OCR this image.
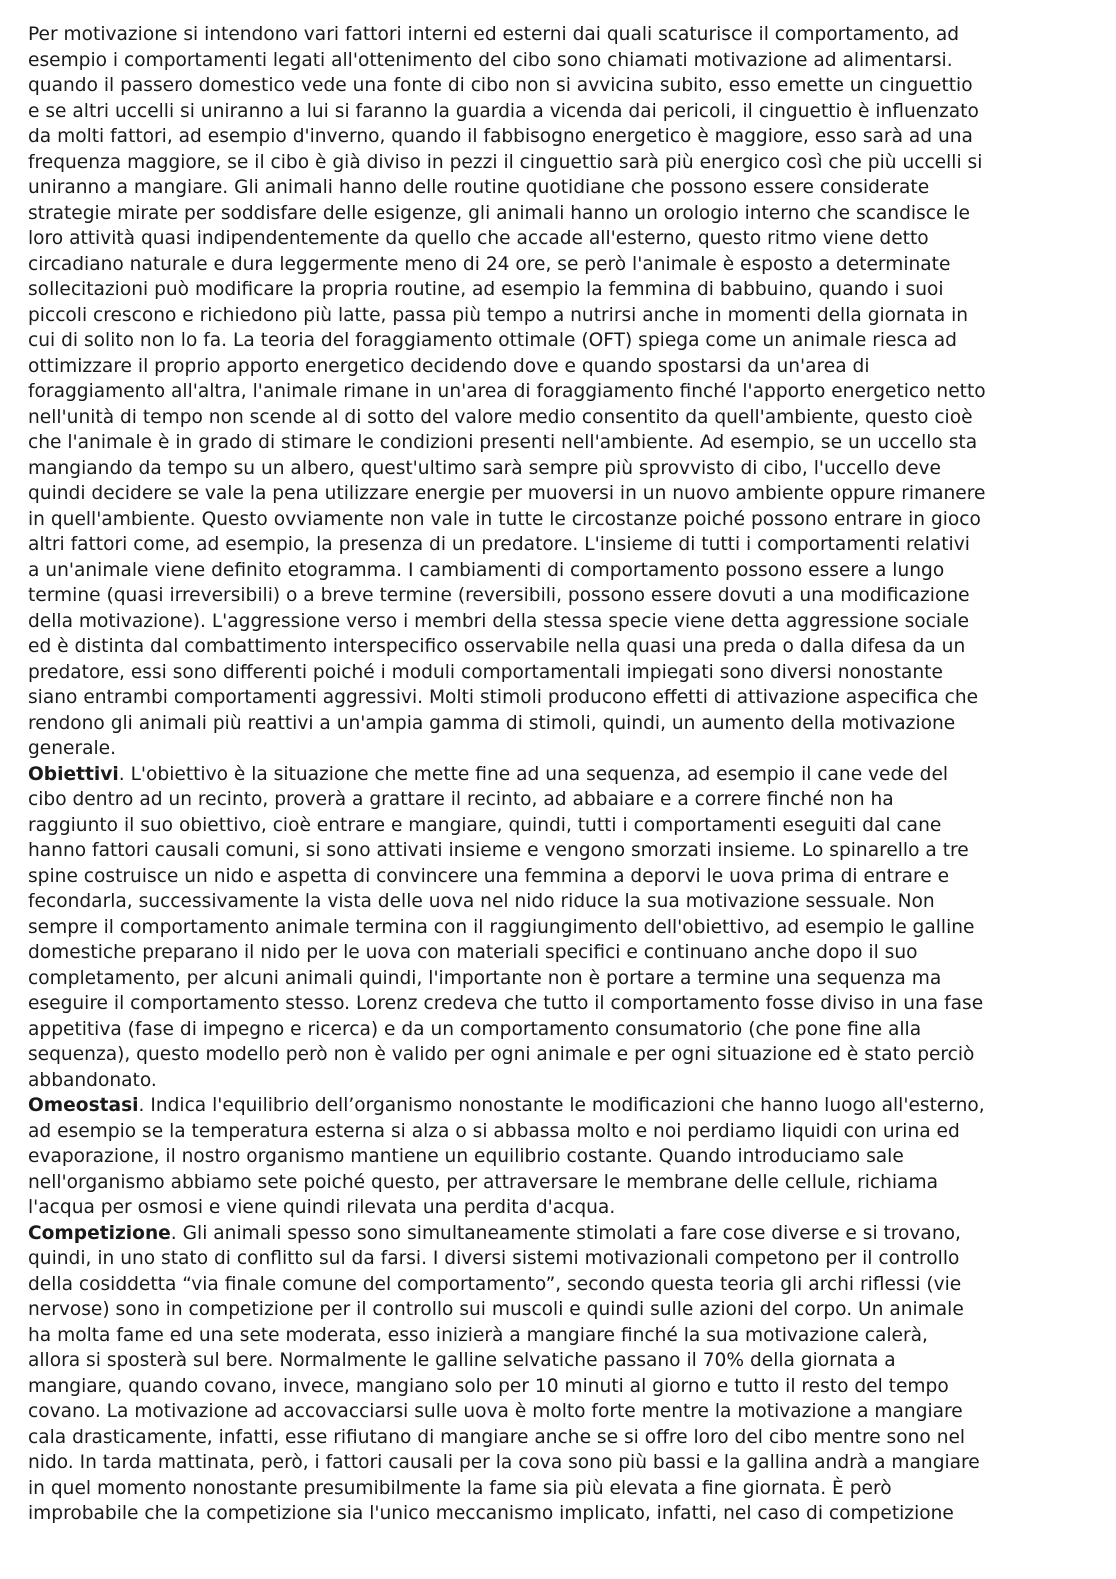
Per motivazione si intendono vari fattori interni ed esterni dai quali scaturisce il comportamento, ad
esempio i comportamenti legati all'ottenimento del cibo sono chiamati motivazione ad alimentarsi.
quando il passero domestico vede una fonte di cibo non si avvicina subito, esso emette un cinguettio
e se altri uccelli si uniranno a lui si faranno la guardia a vicenda dai pericoli, il cinguettio è influenzato
da molti fattori, ad esempio d'inverno, quando il fabbisogno energetico è maggiore, esso sarà ad una
frequenza maggiore, se il cibo è già diviso in pezzi il cinguettio sarà più energico così che più uccelli si
uniranno a mangiare. Gli animali hanno delle routine quotidiane che possono essere considerate
strategie mirate per soddisfare delle esigenze, gli animali hanno un orologio interno che scandisce le
loro attività quasi indipendentemente da quello che accade all'esterno, questo ritmo viene detto
circadiano naturale e dura leggermente meno di 24 ore, se però l'animale è esposto a determinate
sollecitazioni può modificare la propria routine, ad esempio la femmina di babbuino, quando i suoi
piccoli crescono e richiedono più latte, passa più tempo a nutrirsi anche in momenti della giornata in
cui di solito non lo fa. La teoria del foraggiamento ottimale (OFT) spiega come un animale riesca ad
ottimizzare il proprio apporto energetico decidendo dove e quando spostarsi da un'area di
foraggiamento all'altra, l'animale rimane in un'area di foraggiamento finché l'apporto energetico netto
nell'unità di tempo non scende al di sotto del valore medio consentito da quell'ambiente, questo cioè
che l'animale è in grado di stimare le condizioni presenti nell'ambiente. Ad esempio, se un uccello sta
mangiando da tempo su un albero, quest'ultimo sarà sempre più sprovvisto di cibo, l'uccello deve
quindi decidere se vale la pena utilizzare energie per muoversi in un nuovo ambiente oppure rimanere
in quell'ambiente. Questo ovviamente non vale in tutte le circostanze poiché possono entrare in gioco
altri fattori come, ad esempio, la presenza di un predatore. L'insieme di tutti i comportamenti relativi
a un'animale viene definito etogramma. I cambiamenti di comportamento possono essere a lungo
termine (quasi irreversibili) o a breve termine (reversibili, possono essere dovuti a una modificazione
della motivazione). L'aggressione verso i membri della stessa specie viene detta aggressione sociale
ed è distinta dal combattimento interspecifico osservabile nella quasi una preda o dalla difesa da un
predatore, essi sono differenti poiché i moduli comportamentali impiegati sono diversi nonostante
siano entrambi comportamenti aggressivi. Molti stimoli producono effetti di attivazione aspecifica che
rendono gli animali più reattivi a un'ampia gamma di stimoli, quindi, un aumento della motivazione
generale.
Obiettivi. L'obiettivo è la situazione che mette fine ad una sequenza, ad esempio il cane vede del
cibo dentro ad un recinto, proverà a grattare il recinto, ad abbaiare e a correre finché non ha
raggiunto il suo obiettivo, cioè entrare e mangiare, quindi, tutti i comportamenti eseguiti dal cane
hanno fattori causali comuni, si sono attivati insieme e vengono smorzati insieme. Lo spinarello a tre
spine costruisce un nido e aspetta di convincere una femmina a deporvi le uova prima di entrare e
fecondarla, successivamente la vista delle uova nel nido riduce la sua motivazione sessuale. Non
sempre il comportamento animale termina con il raggiungimento dell'obiettivo, ad esempio le galline
domestiche preparano il nido per le uova con materiali specifici e continuano anche dopo il suo
completamento, per alcuni animali quindi, l'importante non è portare a termine una sequenza ma
eseguire il comportamento stesso. Lorenz credeva che tutto il comportamento fosse diviso in una fase
appetitiva (fase di impegno e ricerca) e da un comportamento consumatorio (che pone fine alla
sequenza), questo modello però non è valido per ogni animale e per ogni situazione ed è stato perciò
abbandonato.
Omeostasi. Indica l'equilibrio dell’organismo nonostante le modificazioni che hanno luogo all'esterno,
ad esempio se la temperatura esterna si alza o si abbassa molto e noi perdiamo liquidi con urina ed
evaporazione, il nostro organismo mantiene un equilibrio costante. Quando introduciamo sale
nell'organismo abbiamo sete poiché questo, per attraversare le membrane delle cellule, richiama
l'acqua per osmosi e viene quindi rilevata una perdita d'acqua.
Competizione. Gli animali spesso sono simultaneamente stimolati a fare cose diverse e si trovano,
quindi, in uno stato di conflitto sul da farsi. I diversi sistemi motivazionali competono per il controllo
della cosiddetta “via finale comune del comportamento”, secondo questa teoria gli archi riflessi (vie
nervose) sono in competizione per il controllo sui muscoli e quindi sulle azioni del corpo. Un animale
ha molta fame ed una sete moderata, esso inizierà a mangiare finché la sua motivazione calerà,
allora si sposterà sul bere. Normalmente le galline selvatiche passano il 70% della giornata a
mangiare, quando covano, invece, mangiano solo per 10 minuti al giorno e tutto il resto del tempo
covano. La motivazione ad accovacciarsi sulle uova è molto forte mentre la motivazione a mangiare
cala drasticamente, infatti, esse rifiutano di mangiare anche se si offre loro del cibo mentre sono nel
nido. In tarda mattinata, però, i fattori causali per la cova sono più bassi e la gallina andrà a mangiare
in quel momento nonostante presumibilmente la fame sia più elevata a fine giornata. È però
improbabile che la competizione sia l'unico meccanismo implicato, infatti, nel caso di competizione
